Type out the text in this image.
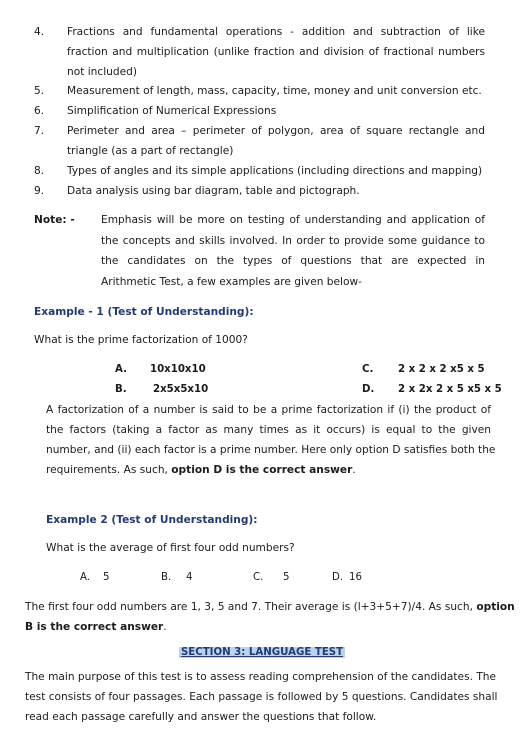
4. Fractions and fundamental operations - addition and subtraction of like
fraction and multiplication (unlike fraction and division of fractional numbers
not included)
5. Measurement of length, mass, capacity, time, money and unit conversion etc.
6. Simplification of Numerical Expressions
7. Perimeter and area – perimeter of polygon, area of square rectangle and
triangle (as a part of rectangle)
8. Types of angles and its simple applications (including directions and mapping)
9. Data analysis using bar diagram, table and pictograph.
Note: - Emphasis will be more on testing of understanding and application of
the concepts and skills involved. In order to provide some guidance to
the candidates on the types of questions that are expected in
Arithmetic Test, a few examples are given below-
Example - 1 (Test of Understanding):
What is the prime factorization of 1000?
A. 10x10x10
B.	2x5x5x10
C. 2 x 2 x 2 x5 x 5
D. 2 x 2x 2 x 5 x5 x 5
A factorization of a number is said to be a prime factorization if (i) the product of
the factors (taking a factor as many times as it occurs) is equal to the given
number, and (ii) each factor is a prime number. Here only option D satisfies both the
requirements. As such, option D is the correct answer.
Example 2 (Test of Understanding):
What is the average of first four odd numbers?
A. 5	B. 4	C. 5	D. 16
The first four odd numbers are 1, 3, 5 and 7. Their average is (l+3+5+7)/4. As such, option
B is the correct answer.
SECTION 3: LANGUAGE TEST
The main purpose of this test is to assess reading comprehension of the candidates. The
test consists of four passages. Each passage is followed by 5 questions. Candidates shall
read each passage carefully and answer the questions that follow.
